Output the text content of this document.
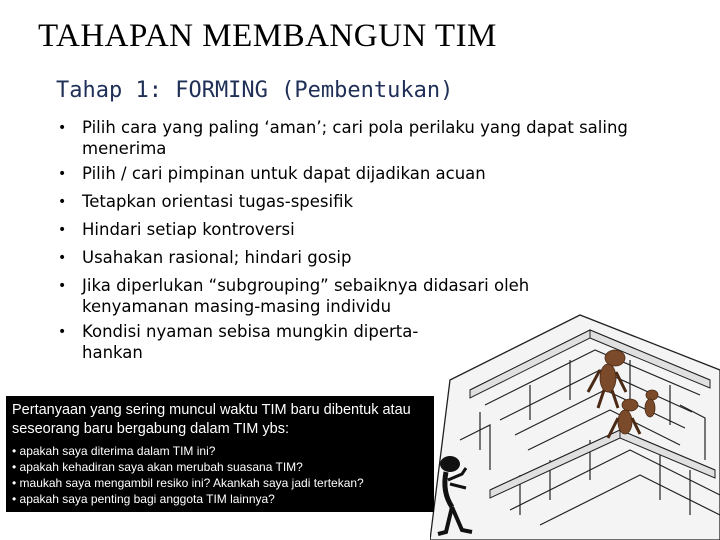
TAHAPAN MEMBANGUN TIM
Tahap 1: FORMING (Pembentukan)
• Pilih cara yang paling ‘aman’; cari pola perilaku yang dapat saling
menerima
• Pilih / cari pimpinan untuk dapat dijadikan acuan
• Tetapkan orientasi tugas-spesifik
• Hindari setiap kontroversi
• Usahakan rasional; hindari gosip
• Jika diperlukan “subgrouping” sebaiknya didasari oleh
kenyamanan masing-masing individu
• Kondisi nyaman sebisa mungkin diperta-
hankan
Pertanyaan yang sering muncul waktu TIM baru dibentuk atau seseorang baru bergabung dalam TIM ybs:
• apakah saya diterima dalam TIM ini?
• apakah kehadiran saya akan merubah suasana TIM?
• maukah saya mengambil resiko ini? Akankah saya jadi tertekan?
• apakah saya penting bagi anggota TIM lainnya?
